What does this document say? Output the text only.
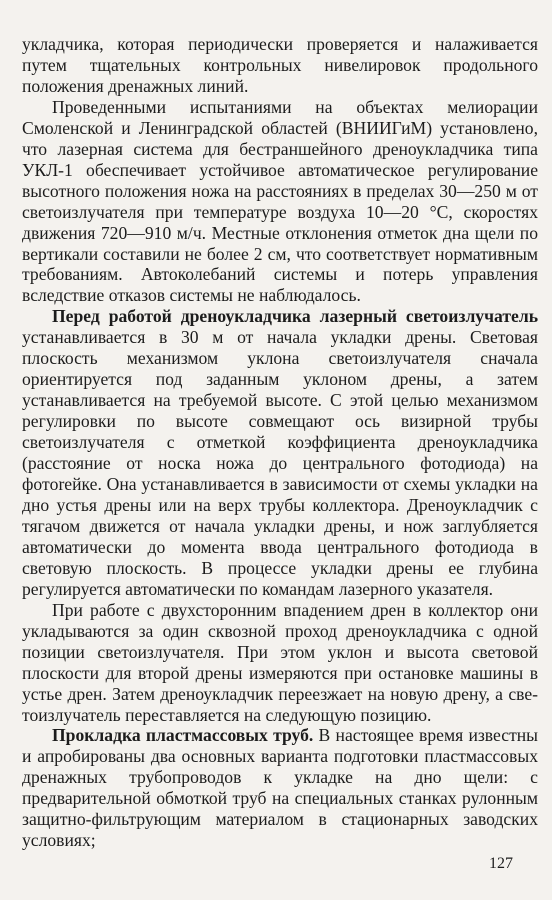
укладчика, которая периодически проверяется и налаживается путем тщательных контрольных нивелировок продольного положения дренажных линий.

Проведенными испытаниями на объектах мелиорации Смоленской и Ленинградской областей (ВНИИГиМ) установлено, что лазерная система для бестраншейного дреноукладчика типа УКЛ-1 обеспечивает устойчивое автоматическое регулирование высотного положения ножа на расстояниях в пределах 30—250 м от светоизлучателя при температуре воздуха 10—20 °C, скоростях движения 720—910 м/ч. Местные отклонения отметок дна щели по вертикали составили не более 2 см, что соответствует нормативным требованиям. Автоколебаний системы и потерь управления вследствие отказов системы не наблюдалось.

Перед работой дреноукладчика лазерный светоизлучатель устанавливается в 30 м от начала укладки дрены. Световая плоскость механизмом уклона светоизлучателя сначала ориентируется под заданным уклоном дрены, а затем устанавливается на требуемой высоте. С этой целью механизмом регулировки по высоте совмещают ось визирной трубы светоизлучателя с отметкой коэффициента дреноукладчика (расстояние от носка ножа до центрального фотодиода) на фотorейке. Она устанавливается в зависимости от схемы укладки на дно устья дрены или на верх трубы коллектора. Дреноукладчик с тягачом движется от начала укладки дрены, и нож заглубляется автоматически до момента ввода центрального фотодиода в световую плоскость. В процессе укладки дрены ее глубина регулируется автоматически по командам лазерного указателя.

При работе с двухсторонним впадением дрен в коллектор они укладываются за один сквозной проход дреноукладчика с одной позиции светоизлучателя. При этом уклон и высота световой плоскости для второй дрены измеряются при остановке машины в устье дрен. Затем дреноукладчик переезжает на новую дрену, а светоизлучатель переставляется на следующую позицию.

Прокладка пластмассовых труб. В настоящее время известны и апробированы два основных варианта подготовки пластмассовых дренажных трубопроводов к укладке на дно щели: с предварительной обмоткой труб на специальных станках рулонным защитно-фильтрующим материалом в стационарных заводских условиях;

127
